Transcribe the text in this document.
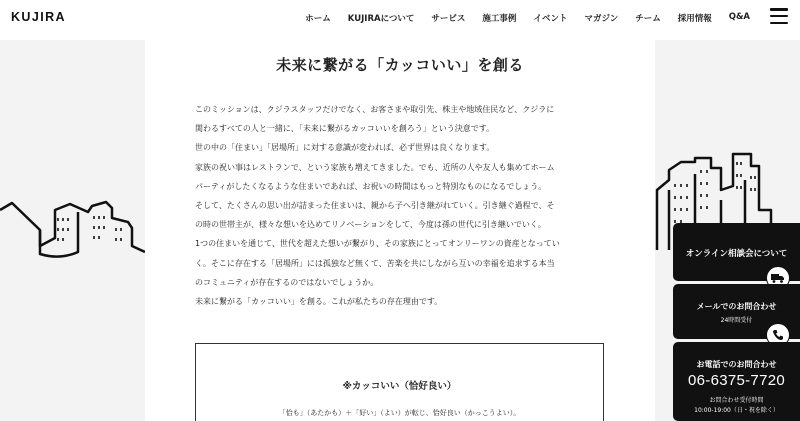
KUJIRA	ホーム KUJIRAについて サービス 施工事例 イベント マガジン チーム 採用情報 Q&A
未来に繋がる「カッコいい」を創る

このミッションは、クジラスタッフだけでなく、お客さまや取引先、株主や地域住民など、クジラに

関わるすべての人と一緒に、「未来に繋がるカッコいいを創ろう」という決意です。

世の中の「住まい」「居場所」に対する意識が変われば、必ず世界は良くなります。

家族の祝い事はレストランで、という家族も増えてきました。でも、近所の人や友人も集めてホーム

パーティがしたくなるような住まいであれば、お祝いの時間はもっと特別なものになるでしょう。

そして、たくさんの思い出が詰まった住まいは、親から子へ引き継がれていく。引き継ぐ過程で、そ

の時の世帯主が、様々な想いを込めてリノベーションをして、今度は孫の世代に引き継いでいく。

1つの住まいを通じて、世代を超えた想いが繋がり、その家族にとってオンリーワンの資産となってい

く。そこに存在する「居場所」には孤独など無くて、苦楽を共にしながら互いの幸福を追求する本当

のコミュニティが存在するのではないでしょうか。

未来に繋がる「カッコいい」を創る。これが私たちの存在理由です。

※カッコいい（恰好良い）
「恰も」（あたかも）＋「好い」（よい）が転じ、恰好良い（かっこうよい）。
オンライン相談会について
メールでのお問合わせ
24時間受付
お電話でのお問合わせ
06-6375-7720
お問合わせ受付時間
10:00-19:00（日・祝を除く）
